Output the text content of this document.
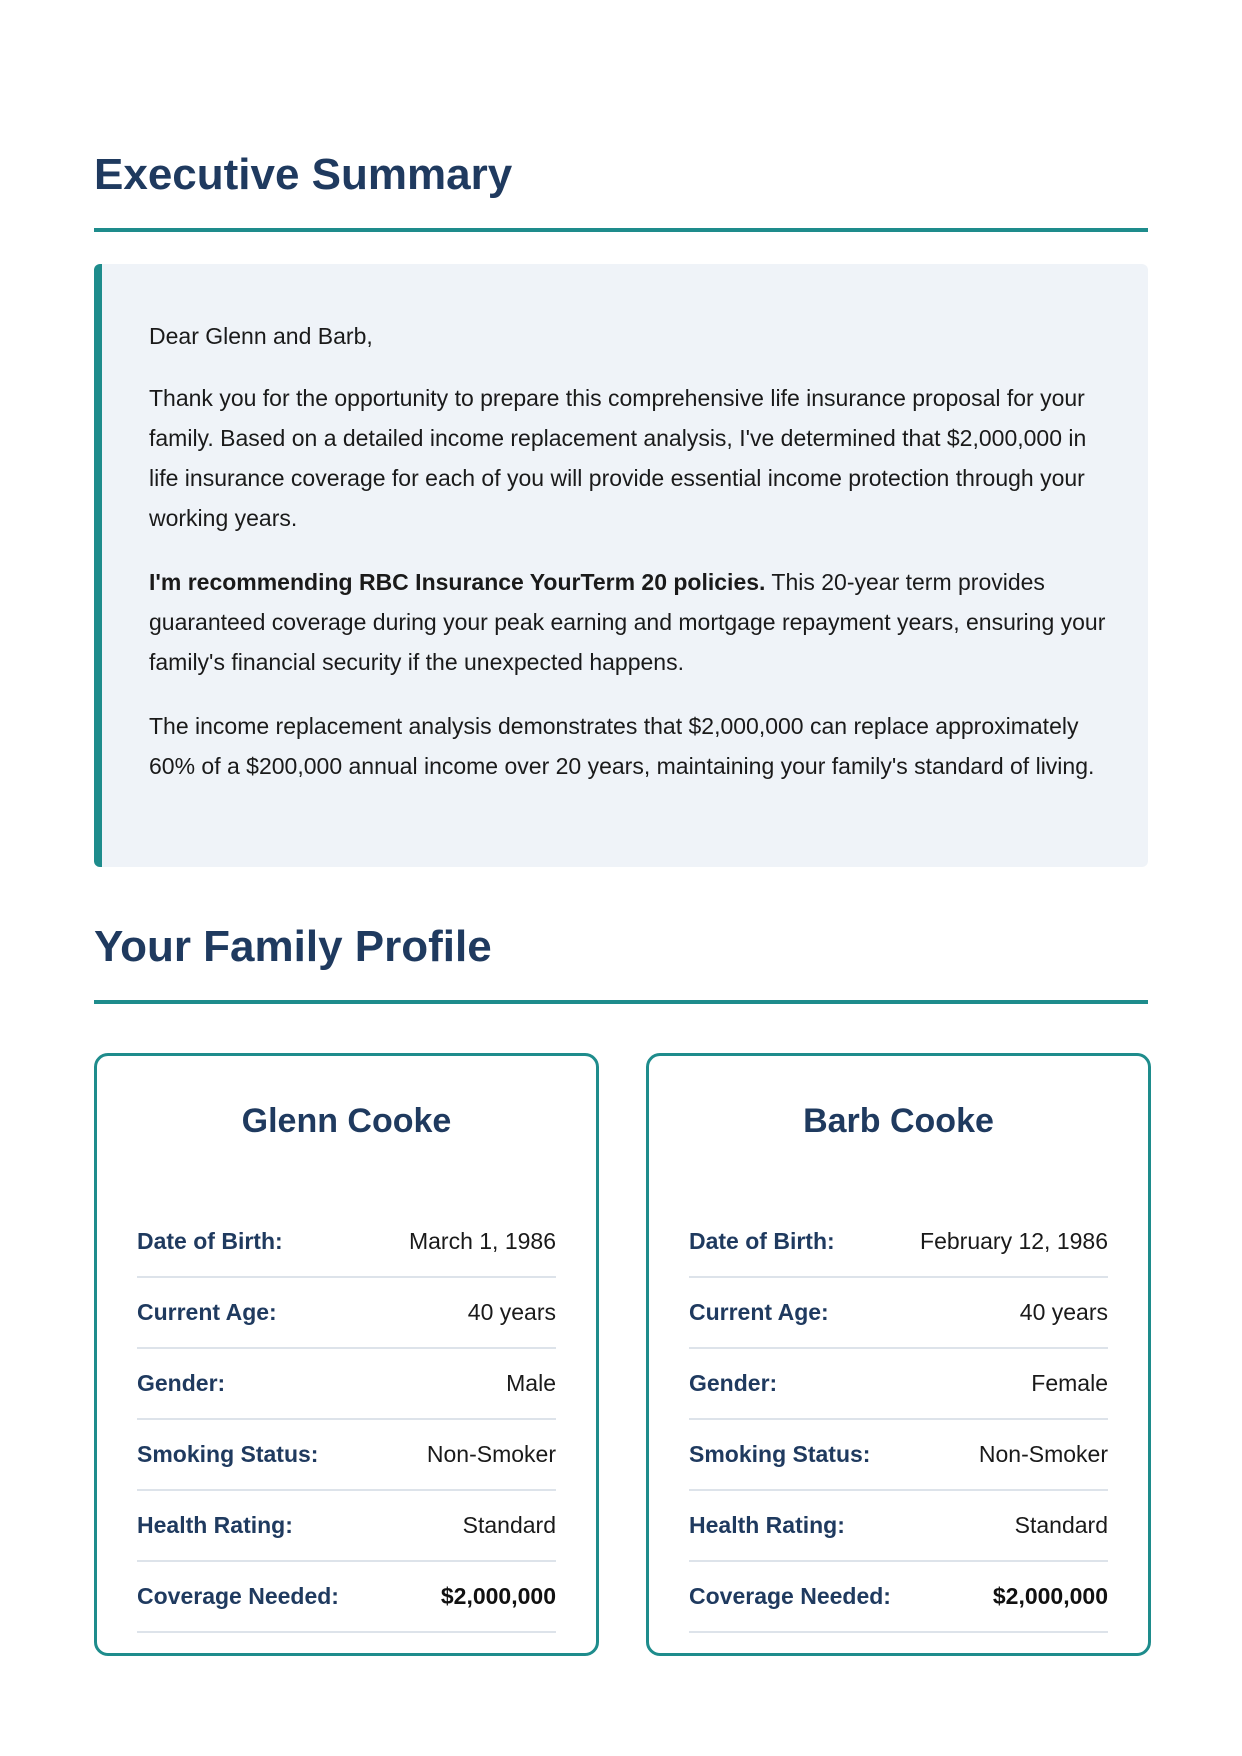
Executive Summary

Dear Glenn and Barb,

Thank you for the opportunity to prepare this comprehensive life insurance proposal for your family. Based on a detailed income replacement analysis, I've determined that $2,000,000 in life insurance coverage for each of you will provide essential income protection through your working years.

I'm recommending RBC Insurance YourTerm 20 policies. This 20-year term provides guaranteed coverage during your peak earning and mortgage repayment years, ensuring your family's financial security if the unexpected happens.

The income replacement analysis demonstrates that $2,000,000 can replace approximately 60% of a $200,000 annual income over 20 years, maintaining your family's standard of living.

Your Family Profile
Glenn Cooke
Date of Birth:	March 1, 1986
Current Age:	40 years
Gender:	Male
Smoking Status:	Non-Smoker
Health Rating:	Standard
Coverage Needed:	$2,000,000
Barb Cooke
Date of Birth:	February 12, 1986
Current Age:	40 years
Gender:	Female
Smoking Status:	Non-Smoker
Health Rating:	Standard
Coverage Needed:	$2,000,000
